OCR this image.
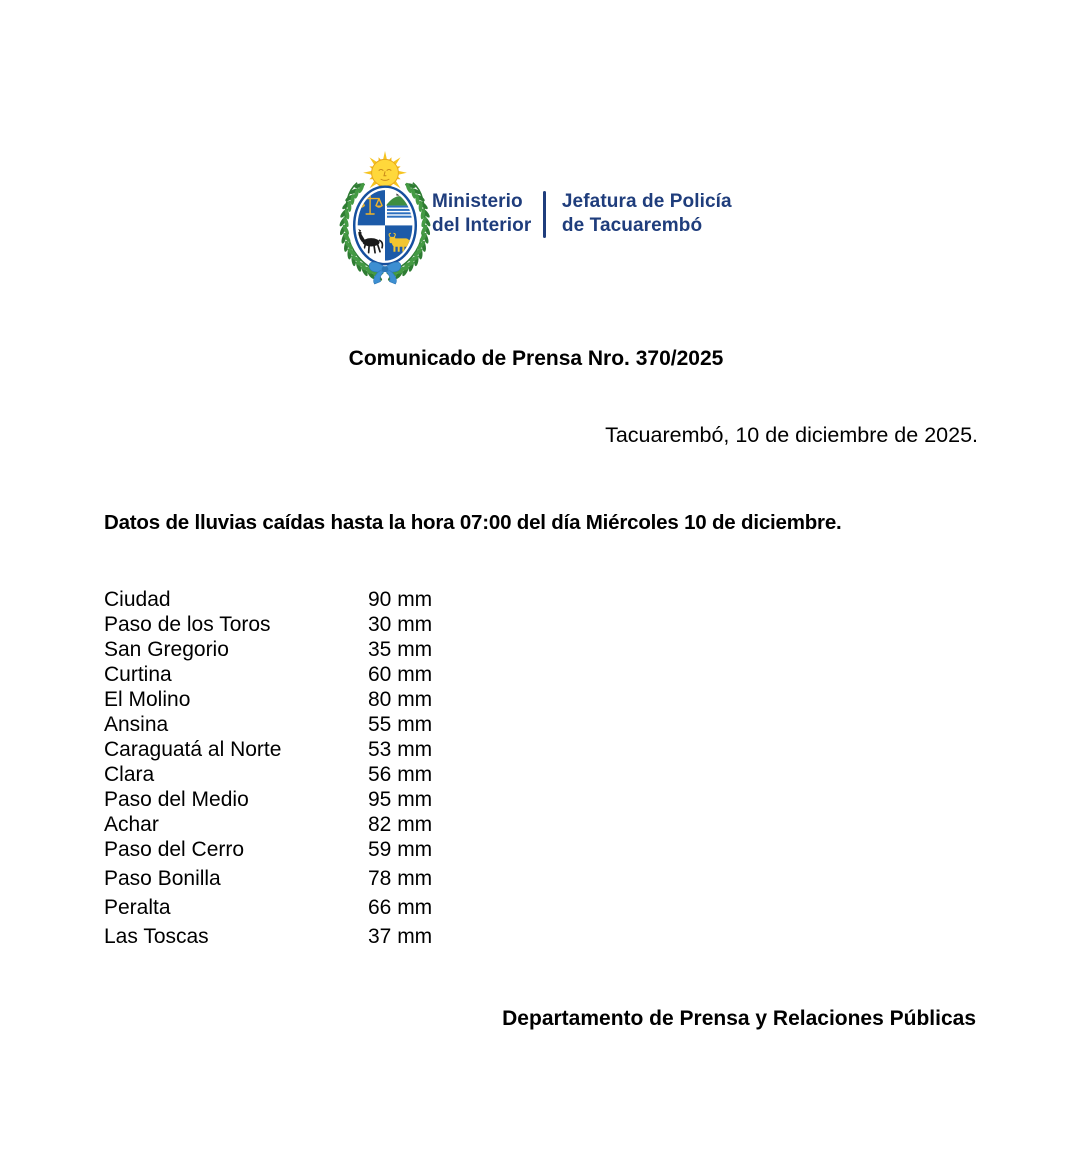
Ministerio
del Interior
Jefatura de Policía
de Tacuarembó
Comunicado de Prensa Nro. 370/2025
Tacuarembó, 10 de diciembre de 2025.
Datos de lluvias caídas hasta la hora 07:00 del día Miércoles 10 de diciembre.
Ciudad	90 mm
Paso de los Toros	30 mm
San Gregorio	35 mm
Curtina	60 mm
El Molino	80 mm
Ansina	55 mm
Caraguatá al Norte	53 mm
Clara	56 mm
Paso del Medio	95 mm
Achar	82 mm
Paso del Cerro	59 mm
Paso Bonilla	78 mm
Peralta	66 mm
Las Toscas	37 mm
Departamento de Prensa y Relaciones Públicas
